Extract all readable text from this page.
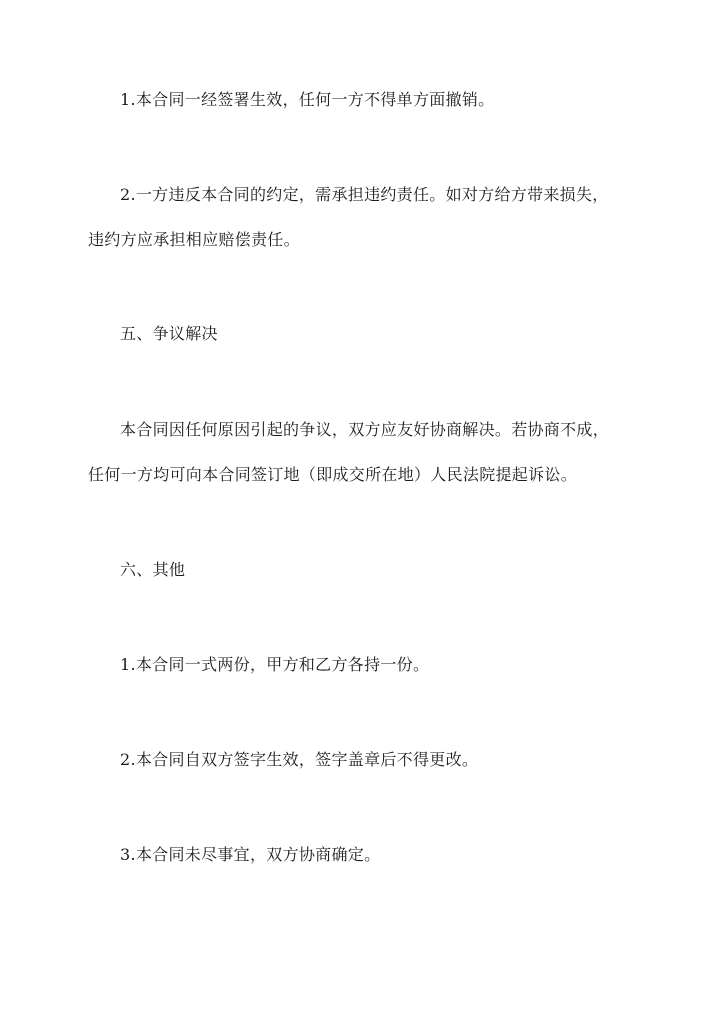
1.本合同一经签署生效，任何一方不得单方面撤销。
2.一方违反本合同的约定，需承担违约责任。如对方给方带来损失，
违约方应承担相应赔偿责任。
五、争议解决
本合同因任何原因引起的争议，双方应友好协商解决。若协商不成，
任何一方均可向本合同签订地（即成交所在地）人民法院提起诉讼。
六、其他
1.本合同一式两份，甲方和乙方各持一份。
2.本合同自双方签字生效，签字盖章后不得更改。
3.本合同未尽事宜，双方协商确定。
